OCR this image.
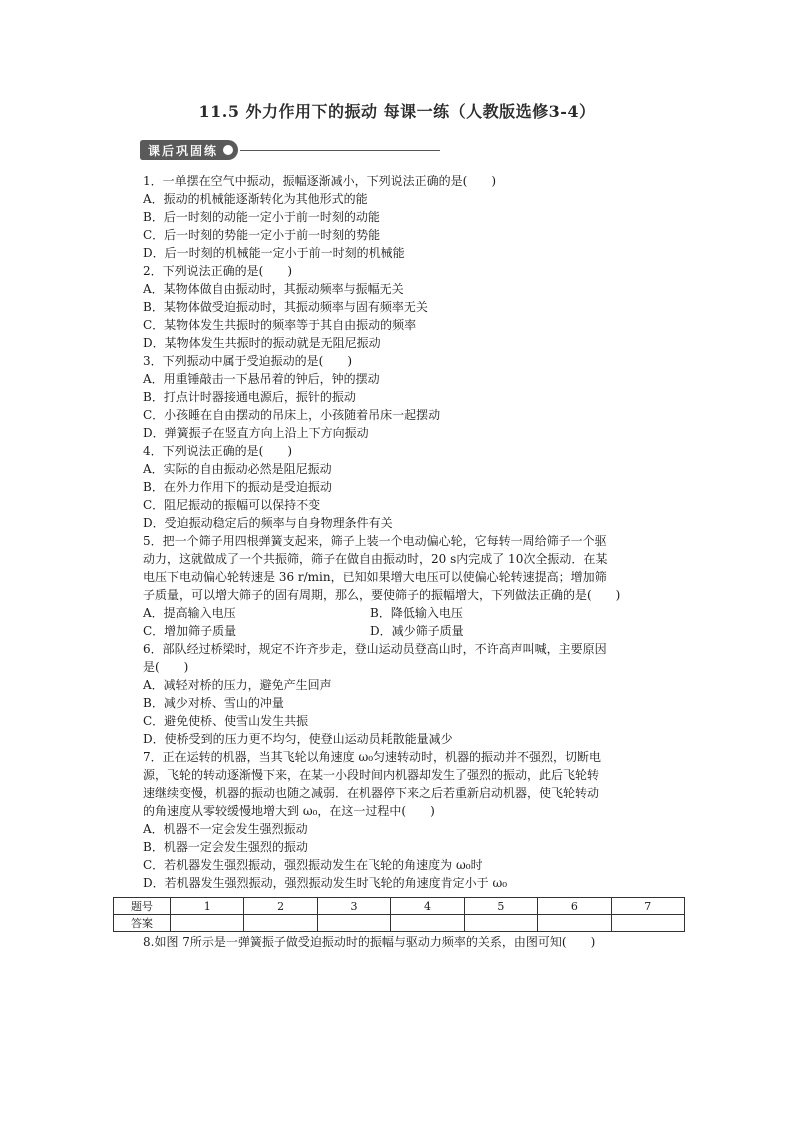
11.5 外力作用下的振动 每课一练（人教版选修3-4）
课后巩固练
1．一单摆在空气中振动，振幅逐渐减小，下列说法正确的是(　　)
A．振动的机械能逐渐转化为其他形式的能
B．后一时刻的动能一定小于前一时刻的动能
C．后一时刻的势能一定小于前一时刻的势能
D．后一时刻的机械能一定小于前一时刻的机械能
2．下列说法正确的是(　　)
A．某物体做自由振动时，其振动频率与振幅无关
B．某物体做受迫振动时，其振动频率与固有频率无关
C．某物体发生共振时的频率等于其自由振动的频率
D．某物体发生共振时的振动就是无阻尼振动
3．下列振动中属于受迫振动的是(　　)
A．用重锤敲击一下悬吊着的钟后，钟的摆动
B．打点计时器接通电源后，振针的振动
C．小孩睡在自由摆动的吊床上，小孩随着吊床一起摆动
D．弹簧振子在竖直方向上沿上下方向振动
4．下列说法正确的是(　　)
A．实际的自由振动必然是阻尼振动
B．在外力作用下的振动是受迫振动
C．阻尼振动的振幅可以保持不变
D．受迫振动稳定后的频率与自身物理条件有关
5．把一个筛子用四根弹簧支起来，筛子上装一个电动偏心轮，它每转一周给筛子一个驱
动力，这就做成了一个共振筛，筛子在做自由振动时，20 s内完成了 10次全振动．在某
电压下电动偏心轮转速是 36 r/min，已知如果增大电压可以使偏心轮转速提高；增加筛
子质量，可以增大筛子的固有周期，那么，要使筛子的振幅增大，下列做法正确的是(　　)
A．提高输入电压	B．降低输入电压
C．增加筛子质量	D．减少筛子质量
6．部队经过桥梁时，规定不许齐步走，登山运动员登高山时，不许高声叫喊，主要原因
是(　　)
A．减轻对桥的压力，避免产生回声
B．减少对桥、雪山的冲量
C．避免使桥、使雪山发生共振
D．使桥受到的压力更不均匀，使登山运动员耗散能量减少
7．正在运转的机器，当其飞轮以角速度 ω₀匀速转动时，机器的振动并不强烈，切断电
源，飞轮的转动逐渐慢下来，在某一小段时间内机器却发生了强烈的振动，此后飞轮转
速继续变慢，机器的振动也随之减弱．在机器停下来之后若重新启动机器，使飞轮转动
的角速度从零较缓慢地增大到 ω₀，在这一过程中(　　)
A．机器不一定会发生强烈振动
B．机器一定会发生强烈的振动
C．若机器发生强烈振动，强烈振动发生在飞轮的角速度为 ω₀时
D．若机器发生强烈振动，强烈振动发生时飞轮的角速度肯定小于 ω₀
题号	1	2	3	4	5	6	7
答案							
8.如图 7所示是一弹簧振子做受迫振动时的振幅与驱动力频率的关系，由图可知(　　)
